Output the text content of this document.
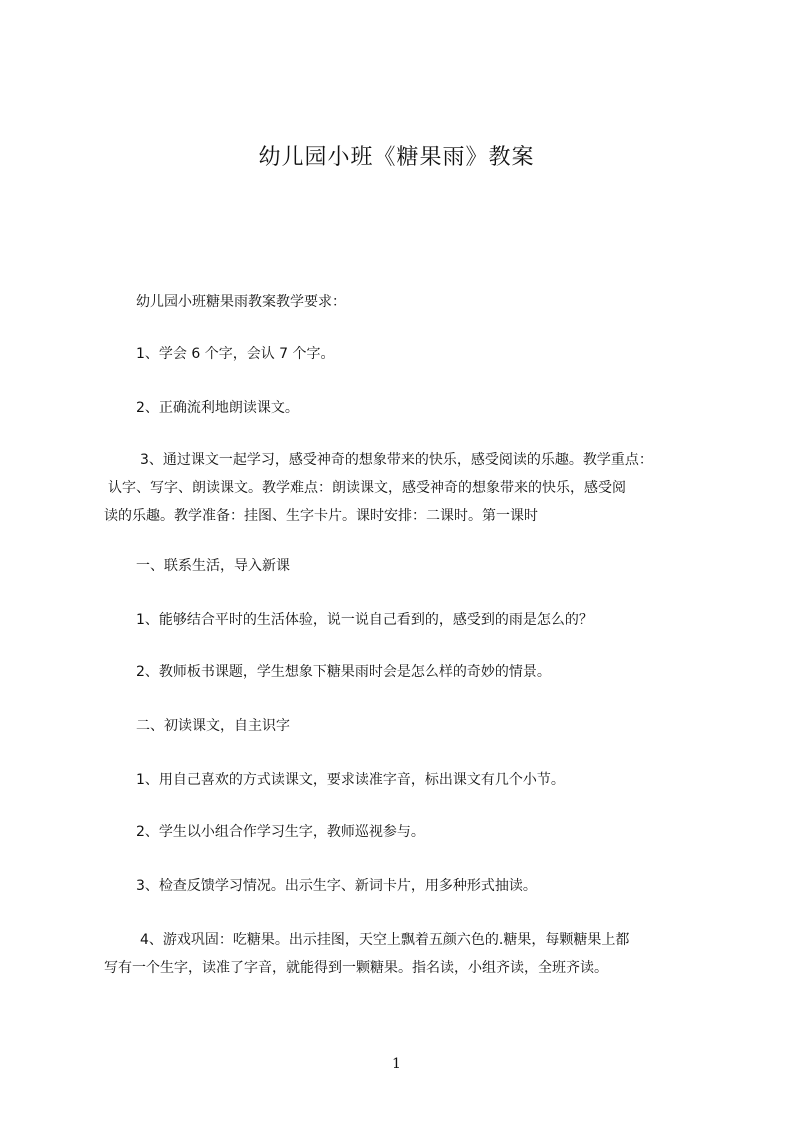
幼儿园小班《糖果雨》教案

幼儿园小班糖果雨教案教学要求：

1、学会 6 个字，会认 7 个字。

2、正确流利地朗读课文。

3、通过课文一起学习，感受神奇的想象带来的快乐，感受阅读的乐趣。教学重点：
认字、写字、朗读课文。教学难点：朗读课文，感受神奇的想象带来的快乐，感受阅
读的乐趣。教学准备：挂图、生字卡片。课时安排：二课时。第一课时

一、联系生活，导入新课

1、能够结合平时的生活体验，说一说自己看到的，感受到的雨是怎么的？

2、教师板书课题，学生想象下糖果雨时会是怎么样的奇妙的情景。

二、初读课文，自主识字

1、用自己喜欢的方式读课文，要求读准字音，标出课文有几个小节。

2、学生以小组合作学习生字，教师巡视参与。

3、检查反馈学习情况。出示生字、新词卡片，用多种形式抽读。

4、游戏巩固：吃糖果。出示挂图，天空上飘着五颜六色的.糖果，每颗糖果上都
写有一个生字，读准了字音，就能得到一颗糖果。指名读，小组齐读，全班齐读。
1
